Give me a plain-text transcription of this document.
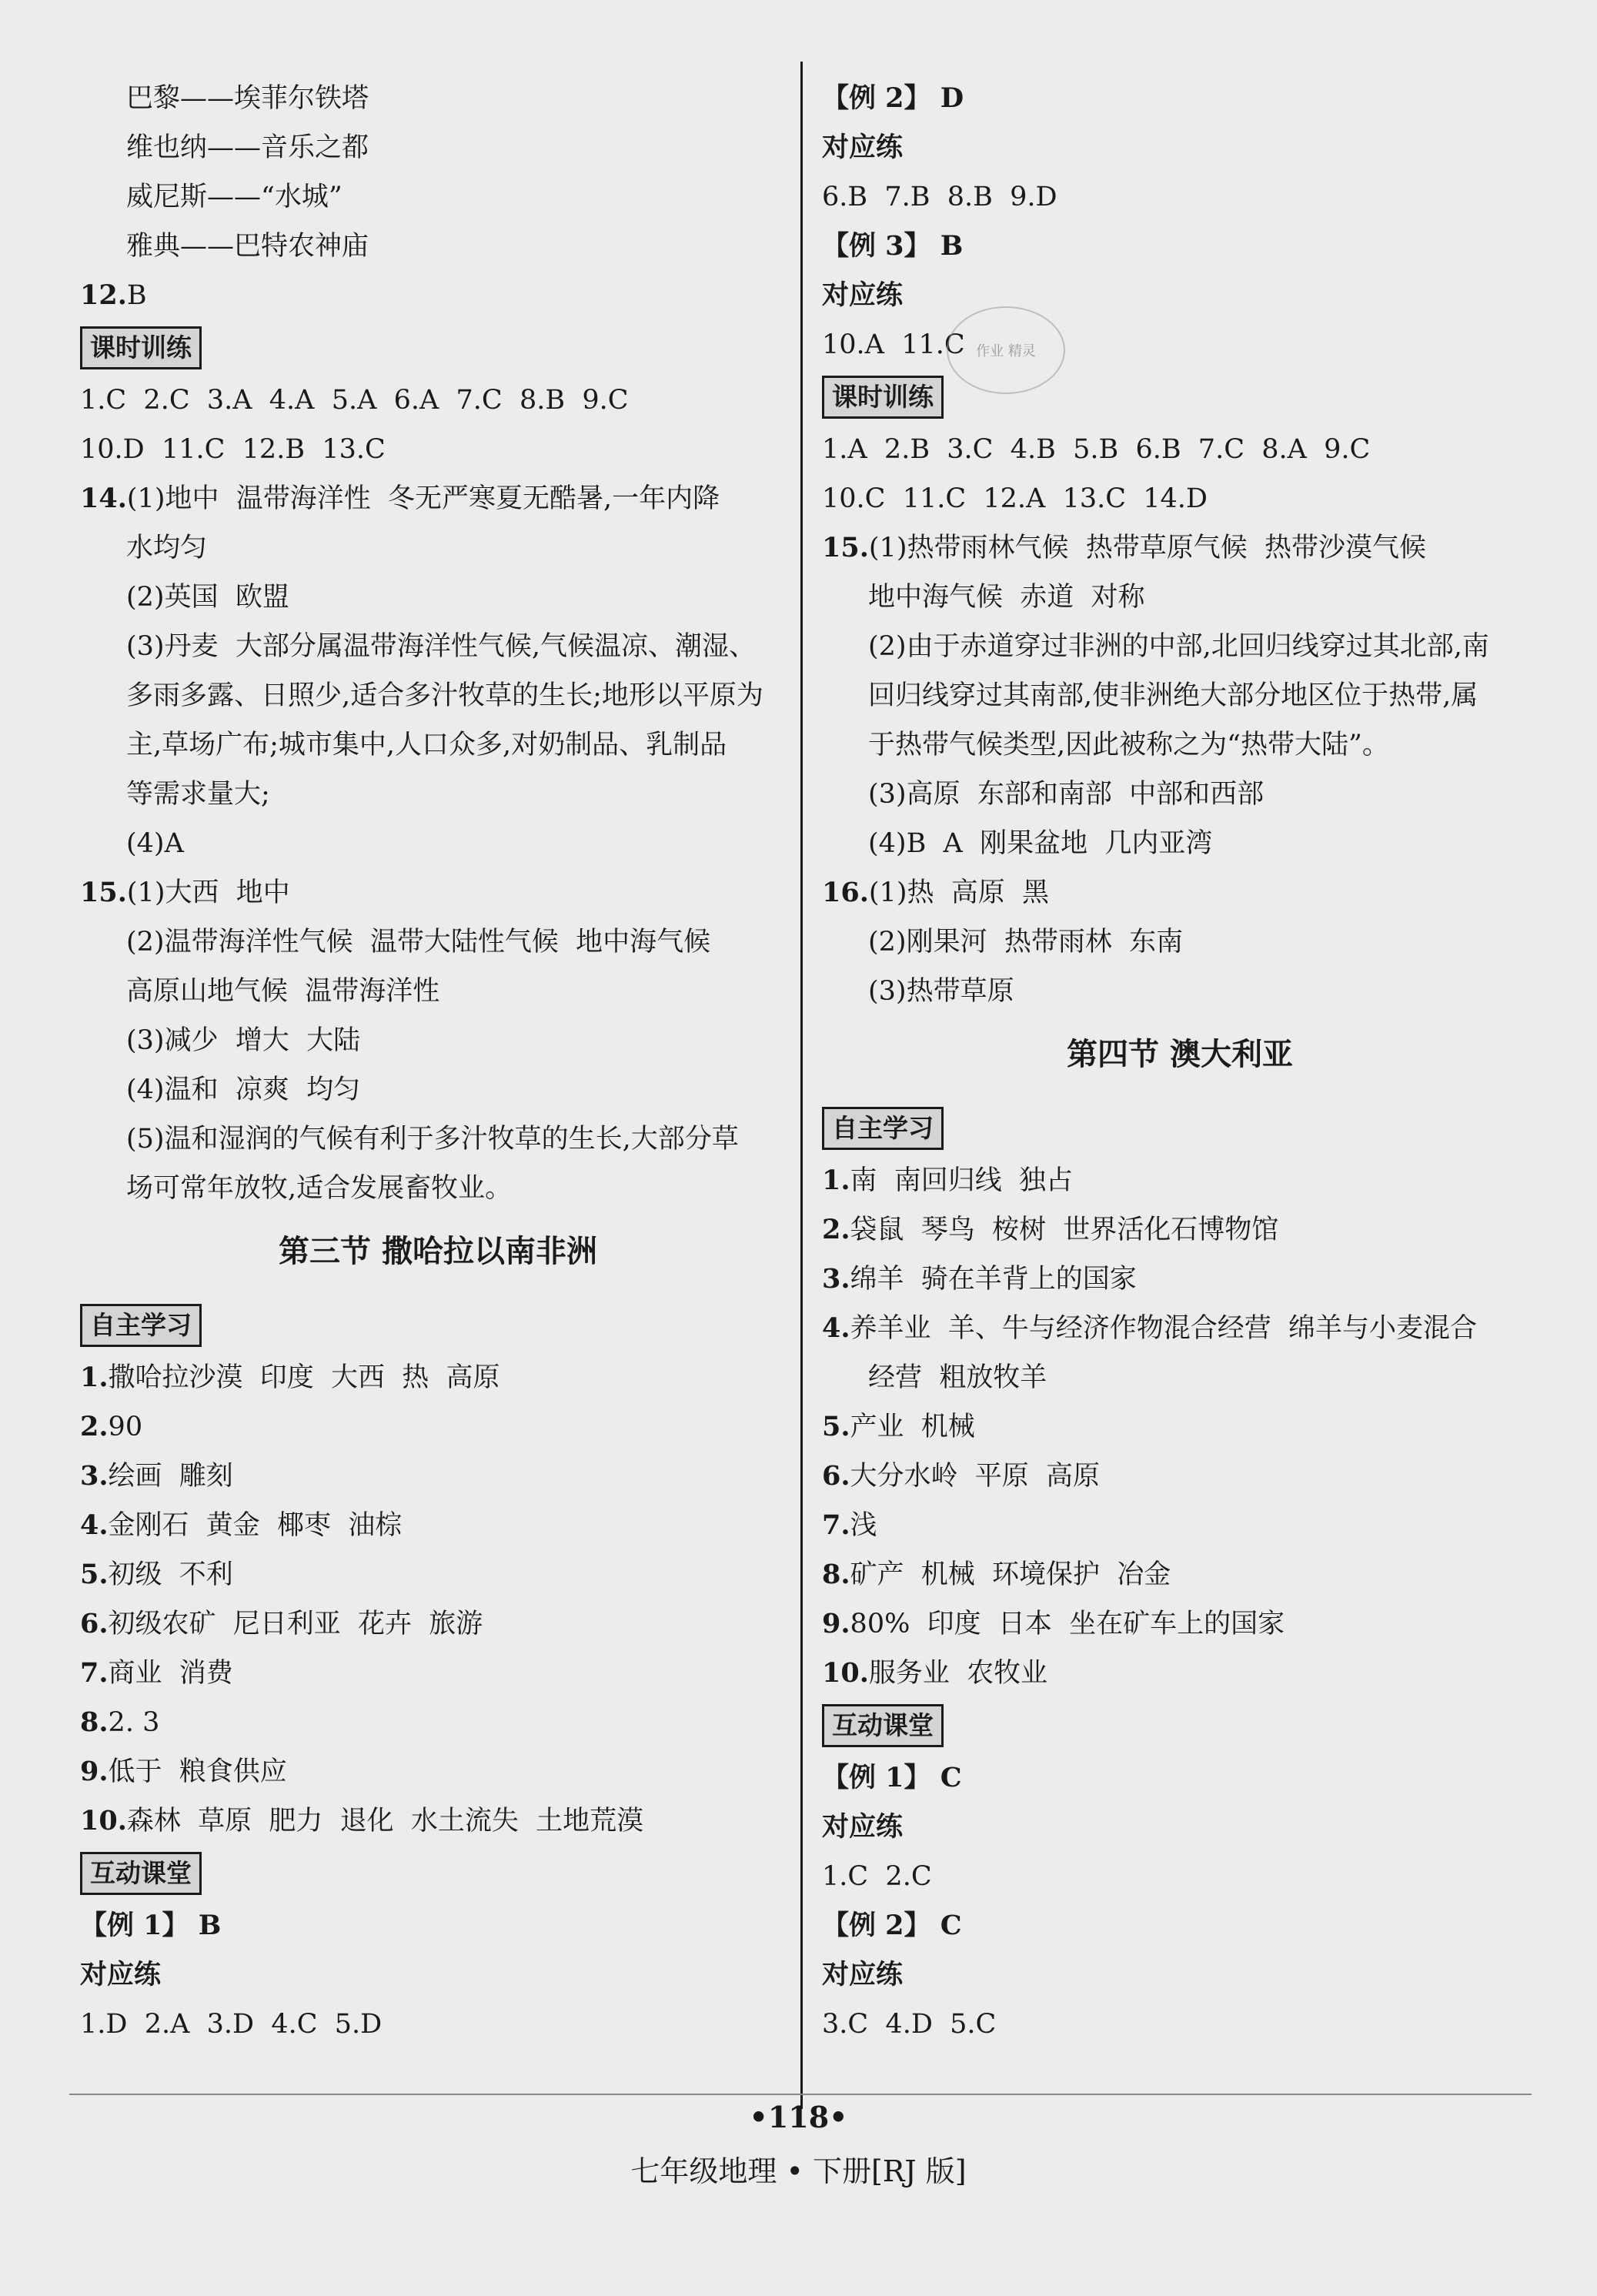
巴黎——埃菲尔铁塔
维也纳——音乐之都
威尼斯——“水城”
雅典——巴特农神庙
12.B
课时训练
1.C  2.C  3.A  4.A  5.A  6.A  7.C  8.B  9.C
10.D  11.C  12.B  13.C
14.(1)地中  温带海洋性  冬无严寒夏无酷暑,一年内降
水均匀
(2)英国  欧盟
(3)丹麦  大部分属温带海洋性气候,气候温凉、潮湿、
多雨多露、日照少,适合多汁牧草的生长;地形以平原为
主,草场广布;城市集中,人口众多,对奶制品、乳制品
等需求量大;
(4)A
15.(1)大西  地中
(2)温带海洋性气候  温带大陆性气候  地中海气候
高原山地气候  温带海洋性
(3)减少  增大  大陆
(4)温和  凉爽  均匀
(5)温和湿润的气候有利于多汁牧草的生长,大部分草
场可常年放牧,适合发展畜牧业。
第三节 撒哈拉以南非洲
自主学习
1.撒哈拉沙漠  印度  大西  热  高原
2.90
3.绘画  雕刻
4.金刚石  黄金  椰枣  油棕
5.初级  不利
6.初级农矿  尼日利亚  花卉  旅游
7.商业  消费
8.2. 3
9.低于  粮食供应
10.森林  草原  肥力  退化  水土流失  土地荒漠
互动课堂
【例 1】 B
对应练
1.D  2.A  3.D  4.C  5.D
【例 2】 D
对应练
6.B  7.B  8.B  9.D
【例 3】 B
对应练
10.A  11.C
课时训练
1.A  2.B  3.C  4.B  5.B  6.B  7.C  8.A  9.C
10.C  11.C  12.A  13.C  14.D
15.(1)热带雨林气候  热带草原气候  热带沙漠气候
地中海气候  赤道  对称
(2)由于赤道穿过非洲的中部,北回归线穿过其北部,南
回归线穿过其南部,使非洲绝大部分地区位于热带,属
于热带气候类型,因此被称之为“热带大陆”。
(3)高原  东部和南部  中部和西部
(4)B  A  刚果盆地  几内亚湾
16.(1)热  高原  黑
(2)刚果河  热带雨林  东南
(3)热带草原
第四节 澳大利亚
自主学习
1.南  南回归线  独占
2.袋鼠  琴鸟  桉树  世界活化石博物馆
3.绵羊  骑在羊背上的国家
4.养羊业  羊、牛与经济作物混合经营  绵羊与小麦混合
经营  粗放牧羊
5.产业  机械
6.大分水岭  平原  高原
7.浅
8.矿产  机械  环境保护  冶金
9.80%  印度  日本  坐在矿车上的国家
10.服务业  农牧业
互动课堂
【例 1】 C
对应练
1.C  2.C
【例 2】 C
对应练
3.C  4.D  5.C
作业 精灵
•118•
七年级地理 • 下册[RJ 版]
